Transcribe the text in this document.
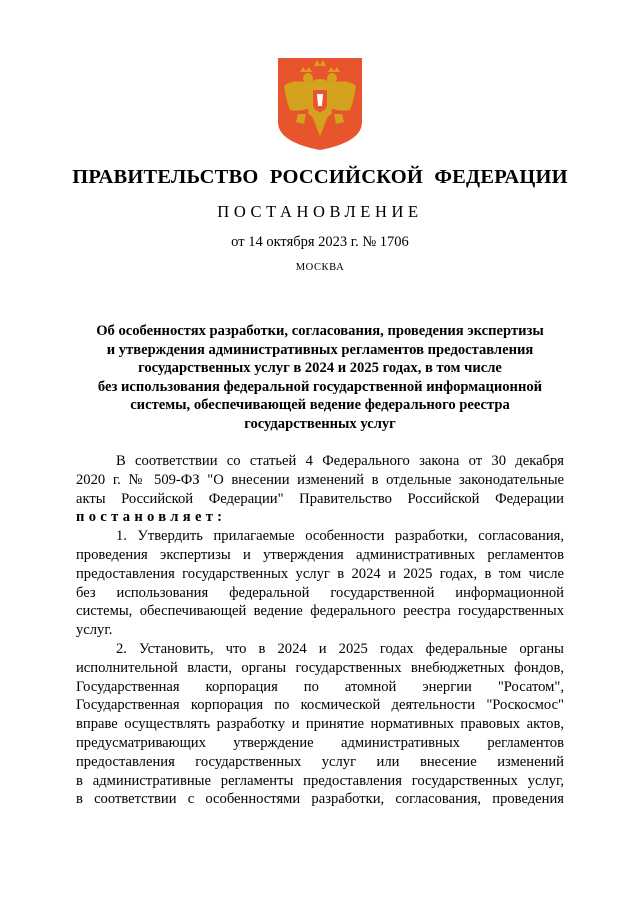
ПРАВИТЕЛЬСТВО РОССИЙСКОЙ ФЕДЕРАЦИИ
ПОСТАНОВЛЕНИЕ
от 14 октября 2023 г. № 1706
МОСКВА
Об особенностях разработки, согласования, проведения экспертизы
и утверждения административных регламентов предоставления
государственных услуг в 2024 и 2025 годах, в том числе
без использования федеральной государственной информационной
системы, обеспечивающей ведение федерального реестра
государственных услуг
В соответствии со статьей 4 Федерального закона от 30 декабря
2020 г. № 509-ФЗ "О внесении изменений в отдельные законодательные
акты Российской Федерации" Правительство Российской Федерации
постановляет:
1. Утвердить прилагаемые особенности разработки, согласования,
проведения экспертизы и утверждения административных регламентов
предоставления государственных услуг в 2024 и 2025 годах, в том числе
без использования федеральной государственной информационной
системы, обеспечивающей ведение федерального реестра государственных
услуг.
2. Установить, что в 2024 и 2025 годах федеральные органы
исполнительной власти, органы государственных внебюджетных фондов,
Государственная корпорация по атомной энергии "Росатом",
Государственная корпорация по космической деятельности "Роскосмос"
вправе осуществлять разработку и принятие нормативных правовых актов,
предусматривающих утверждение административных регламентов
предоставления государственных услуг или внесение изменений
в административные регламенты предоставления государственных услуг,
в соответствии с особенностями разработки, согласования, проведения
